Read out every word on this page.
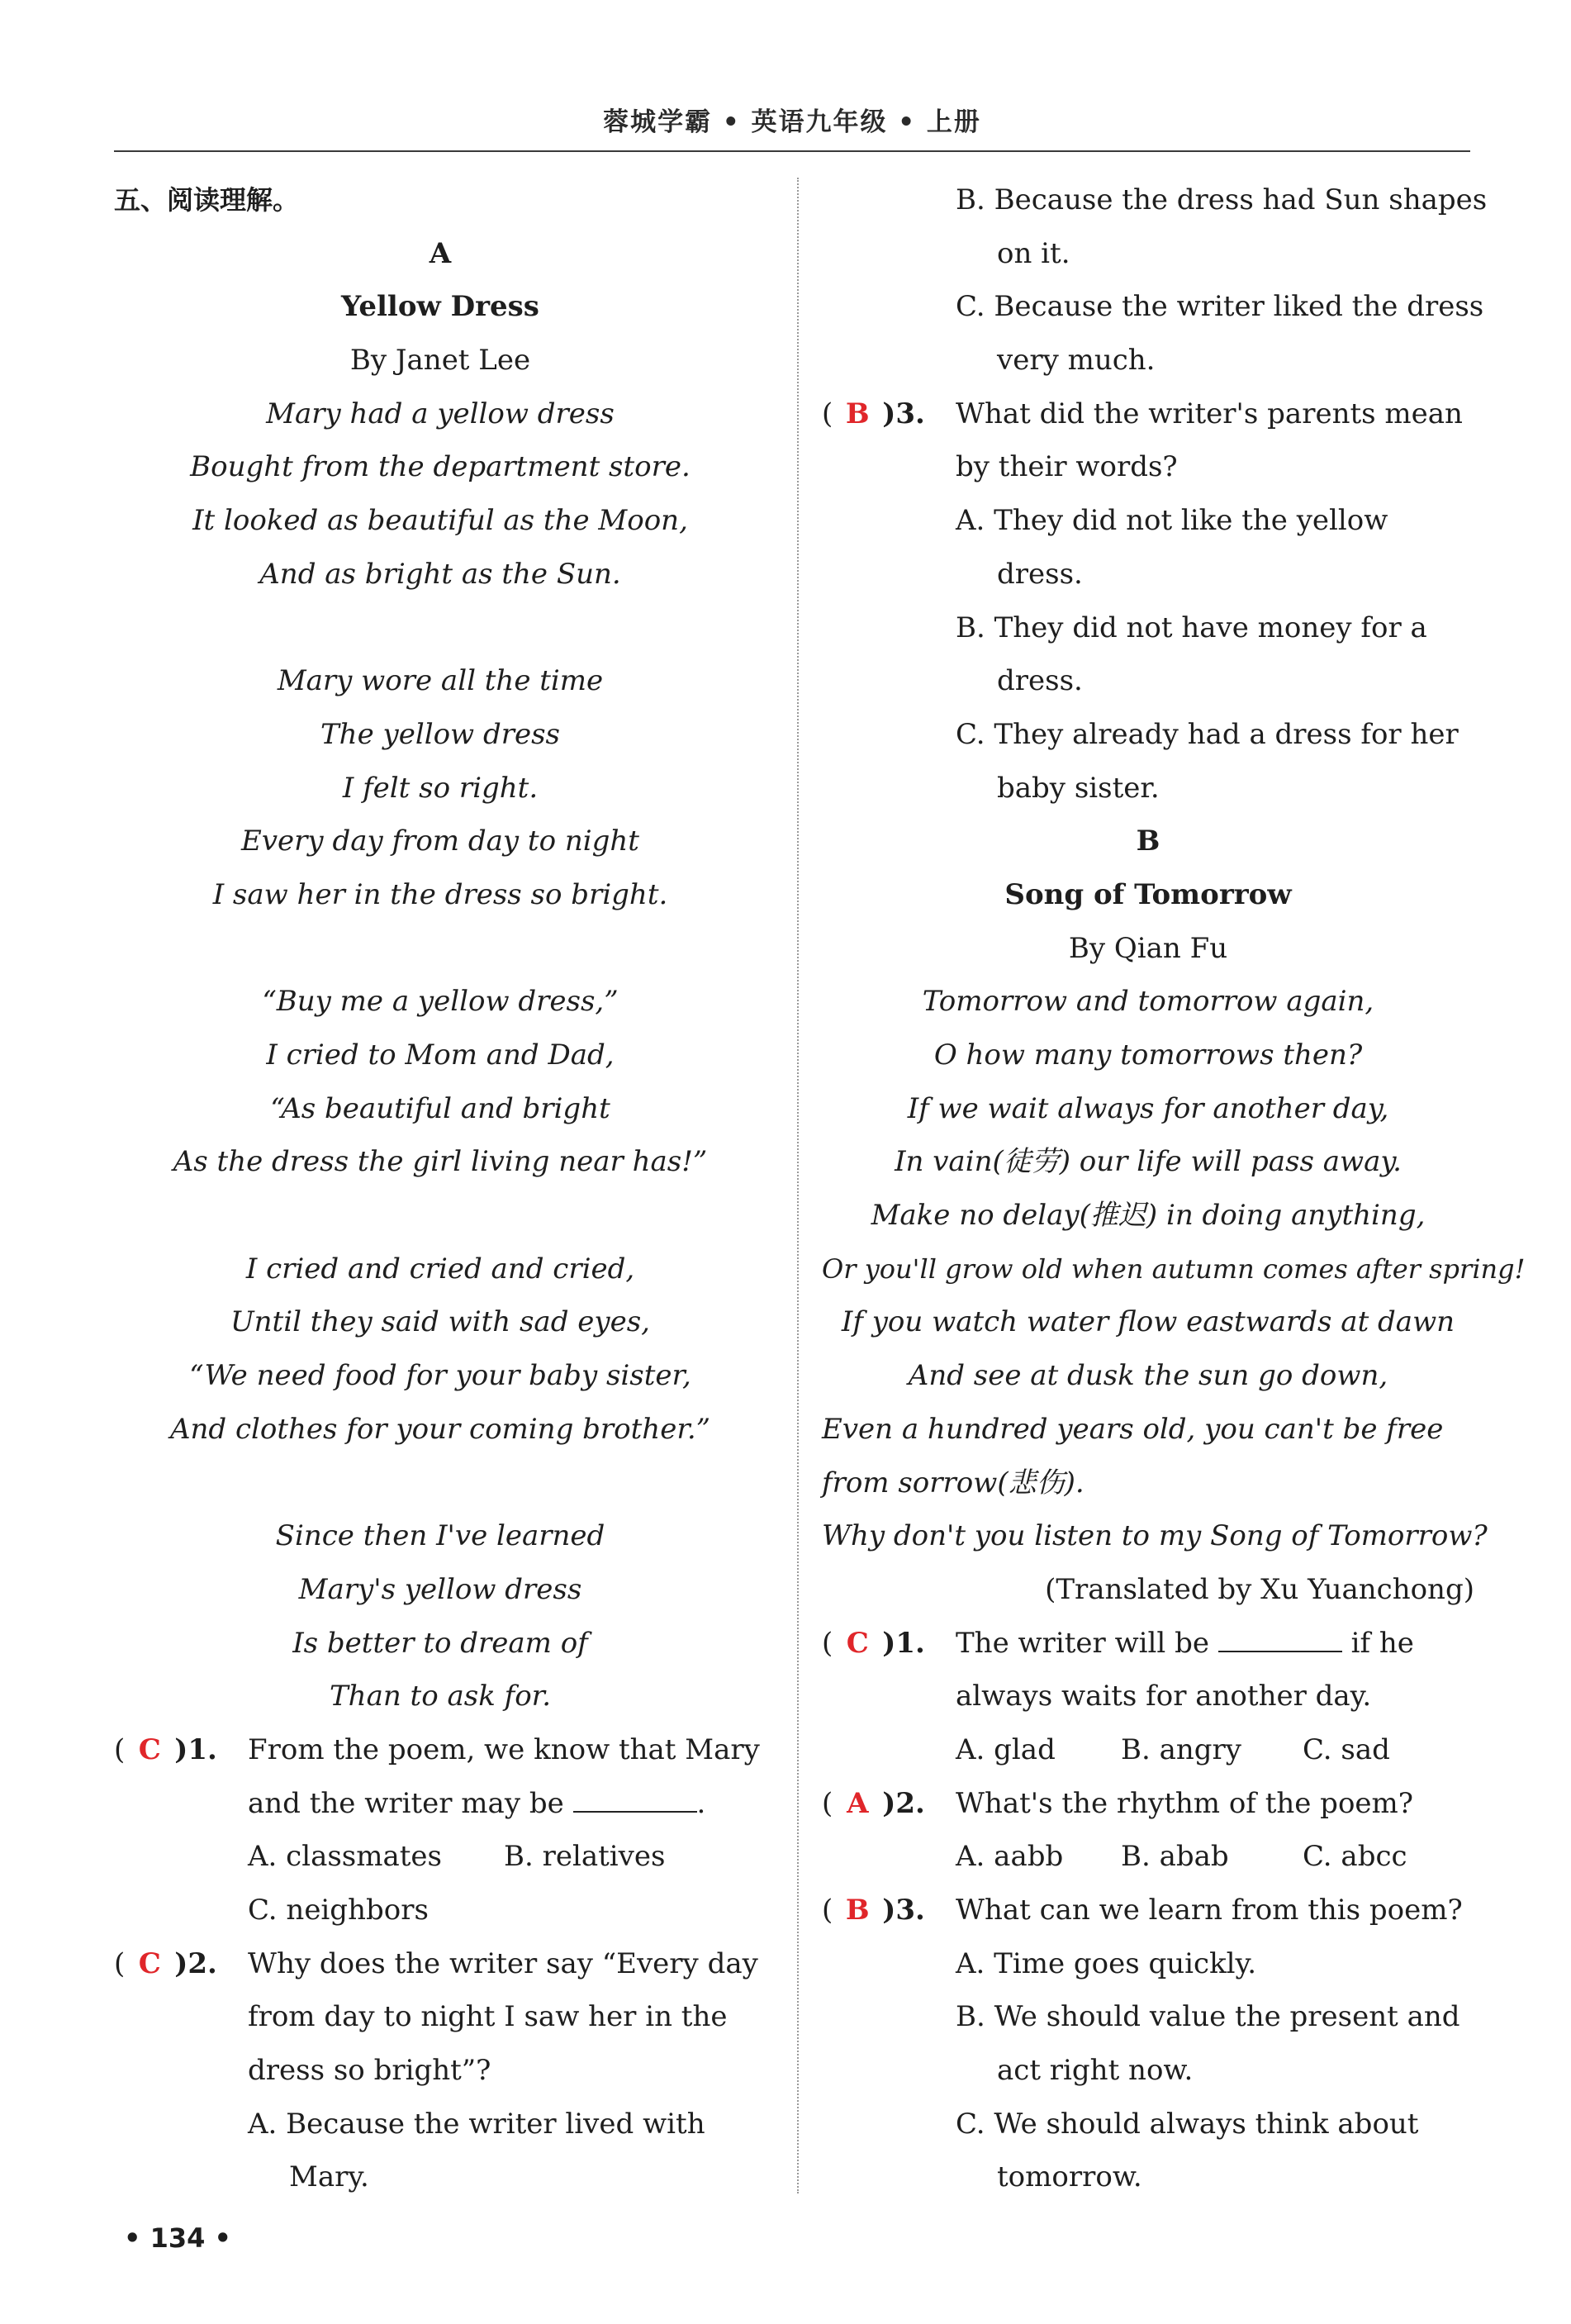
蓉城学霸 • 英语九年级 • 上册
五、阅读理解。
A
Yellow Dress
By Janet Lee
Mary had a yellow dress
Bought from the department store.
It looked as beautiful as the Moon,
And as bright as the Sun.
Mary wore all the time
The yellow dress
I felt so right.
Every day from day to night
I saw her in the dress so bright.
“Buy me a yellow dress,”
I cried to Mom and Dad,
“As beautiful and bright
As the dress the girl living near has!”
I cried and cried and cried,
Until they said with sad eyes,
“We need food for your baby sister,
And clothes for your coming brother.”
Since then I've learned
Mary's yellow dress
Is better to dream of
Than to ask for.
( C )1. From the poem, we know that Mary
and the writer may be	.
A. classmates B. relatives
C. neighbors
( C )2. Why does the writer say “Every day
from day to night I saw her in the
dress so bright”?
A. Because the writer lived with
Mary.
B. Because the dress had Sun shapes
on it.
C. Because the writer liked the dress
very much.
( B )3. What did the writer's parents mean
by their words?
A. They did not like the yellow
dress.
B. They did not have money for a
dress.
C. They already had a dress for her
baby sister.
B
Song of Tomorrow
By Qian Fu
Tomorrow and tomorrow again,
O how many tomorrows then?
If we wait always for another day,
In vain(徒劳) our life will pass away.
Make no delay(推迟) in doing anything,
Or you'll grow old when autumn comes after spring!
If you watch water flow eastwards at dawn
And see at dusk the sun go down,
Even a hundred years old, you can't be free
from sorrow(悲伤).
Why don't you listen to my Song of Tomorrow?
(Translated by Xu Yuanchong)
( C )1. The writer will be	if he
always waits for another day.
A. glad B. angry C. sad
( A )2. What's the rhythm of the poem?
A. aabb B. abab	C. abcc
( B )3. What can we learn from this poem?
A. Time goes quickly.
B. We should value the present and
act right now.
C. We should always think about
tomorrow.
• 134 •
